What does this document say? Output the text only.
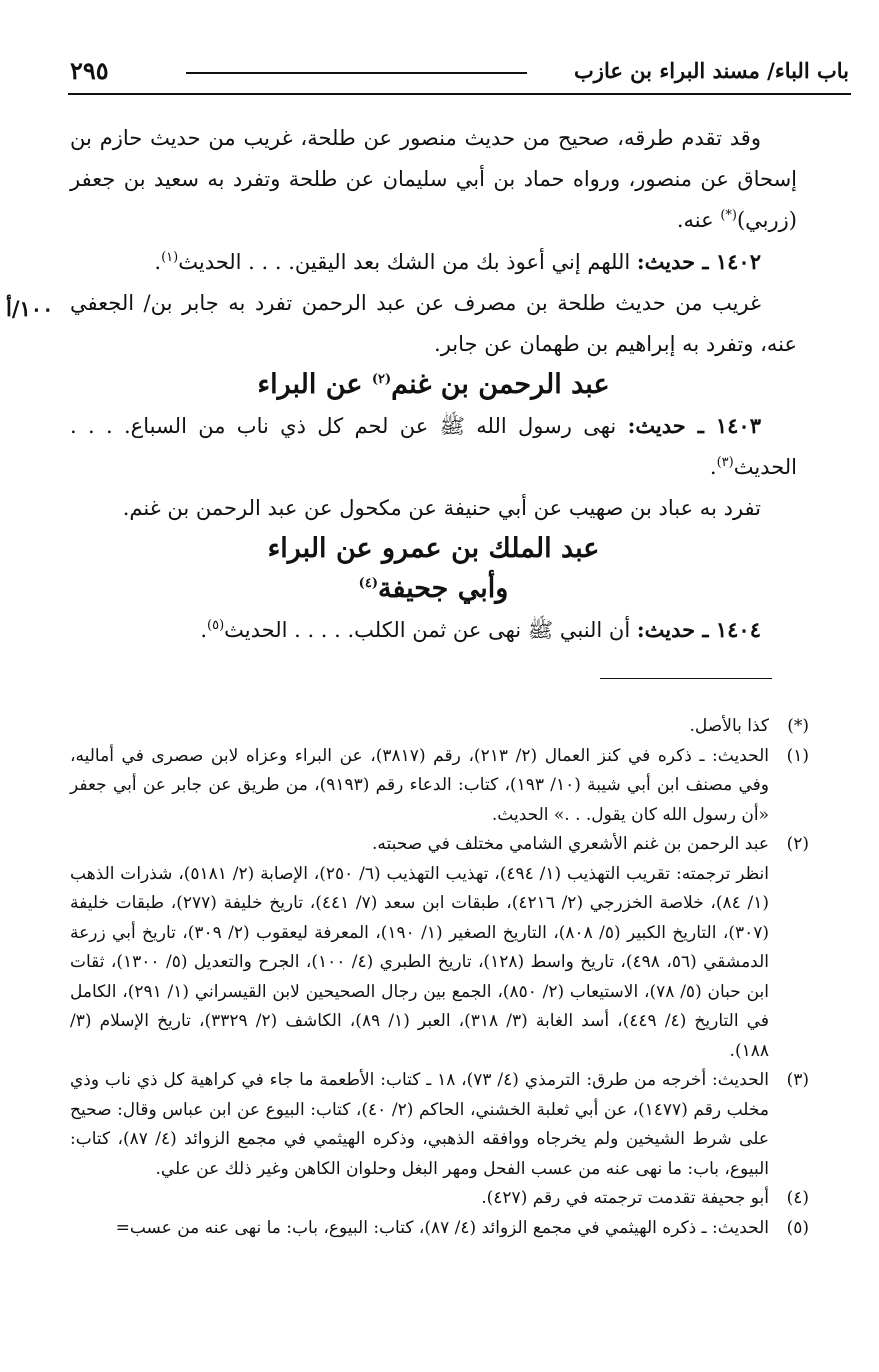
باب الباء/ مسند البراء بن عازب
٢٩٥
١٠٠/أ

وقد تقدم طرقه، صحيح من حديث منصور عن طلحة، غريب من حديث حازم بن إسحاق عن منصور، ورواه حماد بن أبي سليمان عن طلحة وتفرد به سعيد بن جعفر (زربي)(*) عنه.

١٤٠٢ ـ حديث: اللهم إني أعوذ بك من الشك بعد اليقين. . . . الحديث$^{(١)}$.

غريب من حديث طلحة بن مصرف عن عبد الرحمن تفرد به جابر بن/ الجعفي عنه، وتفرد به إبراهيم بن طهمان عن جابر.

عبد الرحمن بن غنم$^{(٢)}$ عن البراء

١٤٠٣ ـ حديث: نهى رسول الله ﷺ عن لحم كل ذي ناب من السباع. . . . الحديث$^{(٣)}$.

تفرد به عباد بن صهيب عن أبي حنيفة عن مكحول عن عبد الرحمن بن غنم.

عبد الملك بن عمرو عن البراء
وأبي جحيفة$^{(٤)}$

١٤٠٤ ـ حديث: أن النبي ﷺ نهى عن ثمن الكلب. . . . . الحديث$^{(٥)}$.

(*)
كذا بالأصل.
(١)
الحديث: ـ ذكره في كنز العمال (٢/ ٢١٣)، رقم (٣٨١٧)، عن البراء وعزاه لابن صصرى في أماليه، وفي مصنف ابن أبي شيبة (١٠/ ١٩٣)، كتاب: الدعاء رقم (٩١٩٣)، من طريق عن جابر عن أبي جعفر «أن رسول الله كان يقول. . .» الحديث.
(٢)
عبد الرحمن بن غنم الأشعري الشامي مختلف في صحبته.
انظر ترجمته: تقريب التهذيب (١/ ٤٩٤)، تهذيب التهذيب (٦/ ٢٥٠)، الإصابة (٢/ ٥١٨١)، شذرات الذهب (١/ ٨٤)، خلاصة الخزرجي (٢/ ٤٢١٦)، طبقات ابن سعد (٧/ ٤٤١)، تاريخ خليفة (٢٧٧)، طبقات خليفة (٣٠٧)، التاريخ الكبير (٥/ ٨٠٨)، التاريخ الصغير (١/ ١٩٠)، المعرفة ليعقوب (٢/ ٣٠٩)، تاريخ أبي زرعة الدمشقي (٥٦، ٤٩٨)، تاريخ واسط (١٢٨)، تاريخ الطبري (٤/ ١٠٠)، الجرح والتعديل (٥/ ١٣٠٠)، ثقات ابن حبان (٥/ ٧٨)، الاستيعاب (٢/ ٨٥٠)، الجمع بين رجال الصحيحين لابن القيسراني (١/ ٢٩١)، الكامل في التاريخ (٤/ ٤٤٩)، أسد الغابة (٣/ ٣١٨)، العبر (١/ ٨٩)، الكاشف (٢/ ٣٣٢٩)، تاريخ الإسلام (٣/ ١٨٨).
(٣)
الحديث: أخرجه من طرق: الترمذي (٤/ ٧٣)، ١٨ ـ كتاب: الأطعمة ما جاء في كراهية كل ذي ناب وذي مخلب رقم (١٤٧٧)، عن أبي ثعلبة الخشني، الحاكم (٢/ ٤٠)، كتاب: البيوع عن ابن عباس وقال: صحيح على شرط الشيخين ولم يخرجاه ووافقه الذهبي، وذكره الهيثمي في مجمع الزوائد (٤/ ٨٧)، كتاب: البيوع، باب: ما نهى عنه من عسب الفحل ومهر البغل وحلوان الكاهن وغير ذلك عن علي.
(٤)
أبو جحيفة تقدمت ترجمته في رقم (٤٢٧).
(٥)
الحديث: ـ ذكره الهيثمي في مجمع الزوائد (٤/ ٨٧)، كتاب: البيوع، باب: ما نهى عنه من عسب=
